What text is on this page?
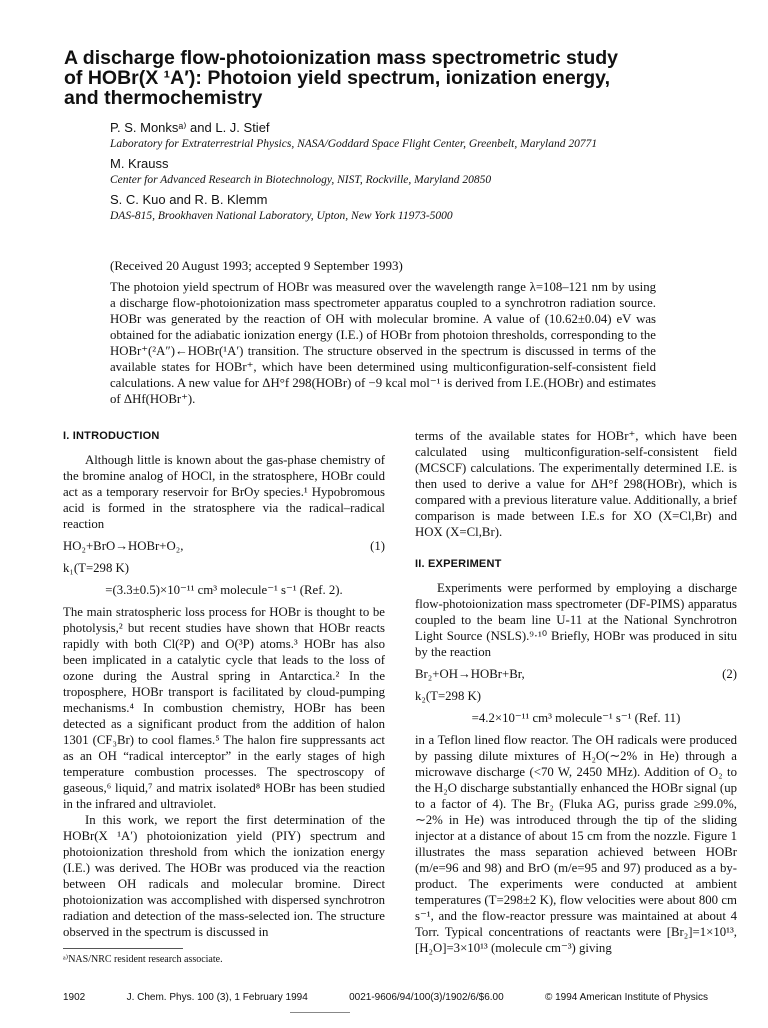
A discharge flow-photoionization mass spectrometric study
of HOBr(X ¹A′): Photoion yield spectrum, ionization energy,
and thermochemistry
P. S. Monksᵃ⁾ and L. J. Stief
Laboratory for Extraterrestrial Physics, NASA/Goddard Space Flight Center, Greenbelt, Maryland 20771
M. Krauss
Center for Advanced Research in Biotechnology, NIST, Rockville, Maryland 20850
S. C. Kuo and R. B. Klemm
DAS-815, Brookhaven National Laboratory, Upton, New York 11973-5000
(Received 20 August 1993; accepted 9 September 1993)

The photoion yield spectrum of HOBr was measured over the wavelength range λ=108–121 nm by using a discharge flow-photoionization mass spectrometer apparatus coupled to a synchrotron radiation source. HOBr was generated by the reaction of OH with molecular bromine. A value of (10.62±0.04) eV was obtained for the adiabatic ionization energy (I.E.) of HOBr from photoion thresholds, corresponding to the HOBr⁺(²A″)←HOBr(¹A′) transition. The structure observed in the spectrum is discussed in terms of the available states for HOBr⁺, which have been determined using multiconfiguration-self-consistent field calculations. A new value for ΔH°f 298(HOBr) of −9 kcal mol⁻¹ is derived from I.E.(HOBr) and estimates of ΔHf(HOBr⁺).

I. INTRODUCTION

Although little is known about the gas-phase chemistry of the bromine analog of HOCl, in the stratosphere, HOBr could act as a temporary reservoir for BrOy species.¹ Hypobromous acid is formed in the stratosphere via the radical–radical reaction

HO₂+BrO→HOBr+O₂,	(1)
k₁(T=298 K)
=(3.3±0.5)×10⁻¹¹ cm³ molecule⁻¹ s⁻¹ (Ref. 2).

The main stratospheric loss process for HOBr is thought to be photolysis,² but recent studies have shown that HOBr reacts rapidly with both Cl(²P) and O(³P) atoms.³ HOBr has also been implicated in a catalytic cycle that leads to the loss of ozone during the Austral spring in Antarctica.² In the troposphere, HOBr transport is facilitated by cloud-pumping mechanisms.⁴ In combustion chemistry, HOBr has been detected as a significant product from the addition of halon 1301 (CF₃Br) to cool flames.⁵ The halon fire suppressants act as an OH “radical interceptor” in the early stages of high temperature combustion processes. The spectroscopy of gaseous,⁶ liquid,⁷ and matrix isolated⁸ HOBr has been studied in the infrared and ultraviolet.

In this work, we report the first determination of the HOBr(X ¹A′) photoionization yield (PIY) spectrum and photoionization threshold from which the ionization energy (I.E.) was derived. The HOBr was produced via the reaction between OH radicals and molecular bromine. Direct photoionization was accomplished with dispersed synchrotron radiation and detection of the mass-selected ion. The structure observed in the spectrum is discussed in

terms of the available states for HOBr⁺, which have been calculated using multiconfiguration-self-consistent field (MCSCF) calculations. The experimentally determined I.E. is then used to derive a value for ΔH°f 298(HOBr), which is compared with a previous literature value. Additionally, a brief comparison is made between I.E.s for XO (X=Cl,Br) and HOX (X=Cl,Br).

II. EXPERIMENT

Experiments were performed by employing a discharge flow-photoionization mass spectrometer (DF-PIMS) apparatus coupled to the beam line U-11 at the National Synchrotron Light Source (NSLS).⁹·¹⁰ Briefly, HOBr was produced in situ by the reaction

Br₂+OH→HOBr+Br,	(2)
k₂(T=298 K)
=4.2×10⁻¹¹ cm³ molecule⁻¹ s⁻¹ (Ref. 11)

in a Teflon lined flow reactor. The OH radicals were produced by passing dilute mixtures of H₂O(∼2% in He) through a microwave discharge (<70 W, 2450 MHz). Addition of O₂ to the H₂O discharge substantially enhanced the HOBr signal (up to a factor of 4). The Br₂ (Fluka AG, puriss grade ≥99.0%, ∼2% in He) was introduced through the tip of the sliding injector at a distance of about 15 cm from the nozzle. Figure 1 illustrates the mass separation achieved between HOBr (m/e=96 and 98) and BrO (m/e=95 and 97) produced as a by-product. The experiments were conducted at ambient temperatures (T=298±2 K), flow velocities were about 800 cm s⁻¹, and the flow-reactor pressure was maintained at about 4 Torr. Typical concentrations of reactants were [Br₂]=1×10¹³, [H₂O]=3×10¹³ (molecule cm⁻³) giving

ᵃ⁾NAS/NRC resident research associate.
1902	J. Chem. Phys. 100 (3), 1 February 1994	0021-9606/94/100(3)/1902/6/$6.00	© 1994 American Institute of Physics
